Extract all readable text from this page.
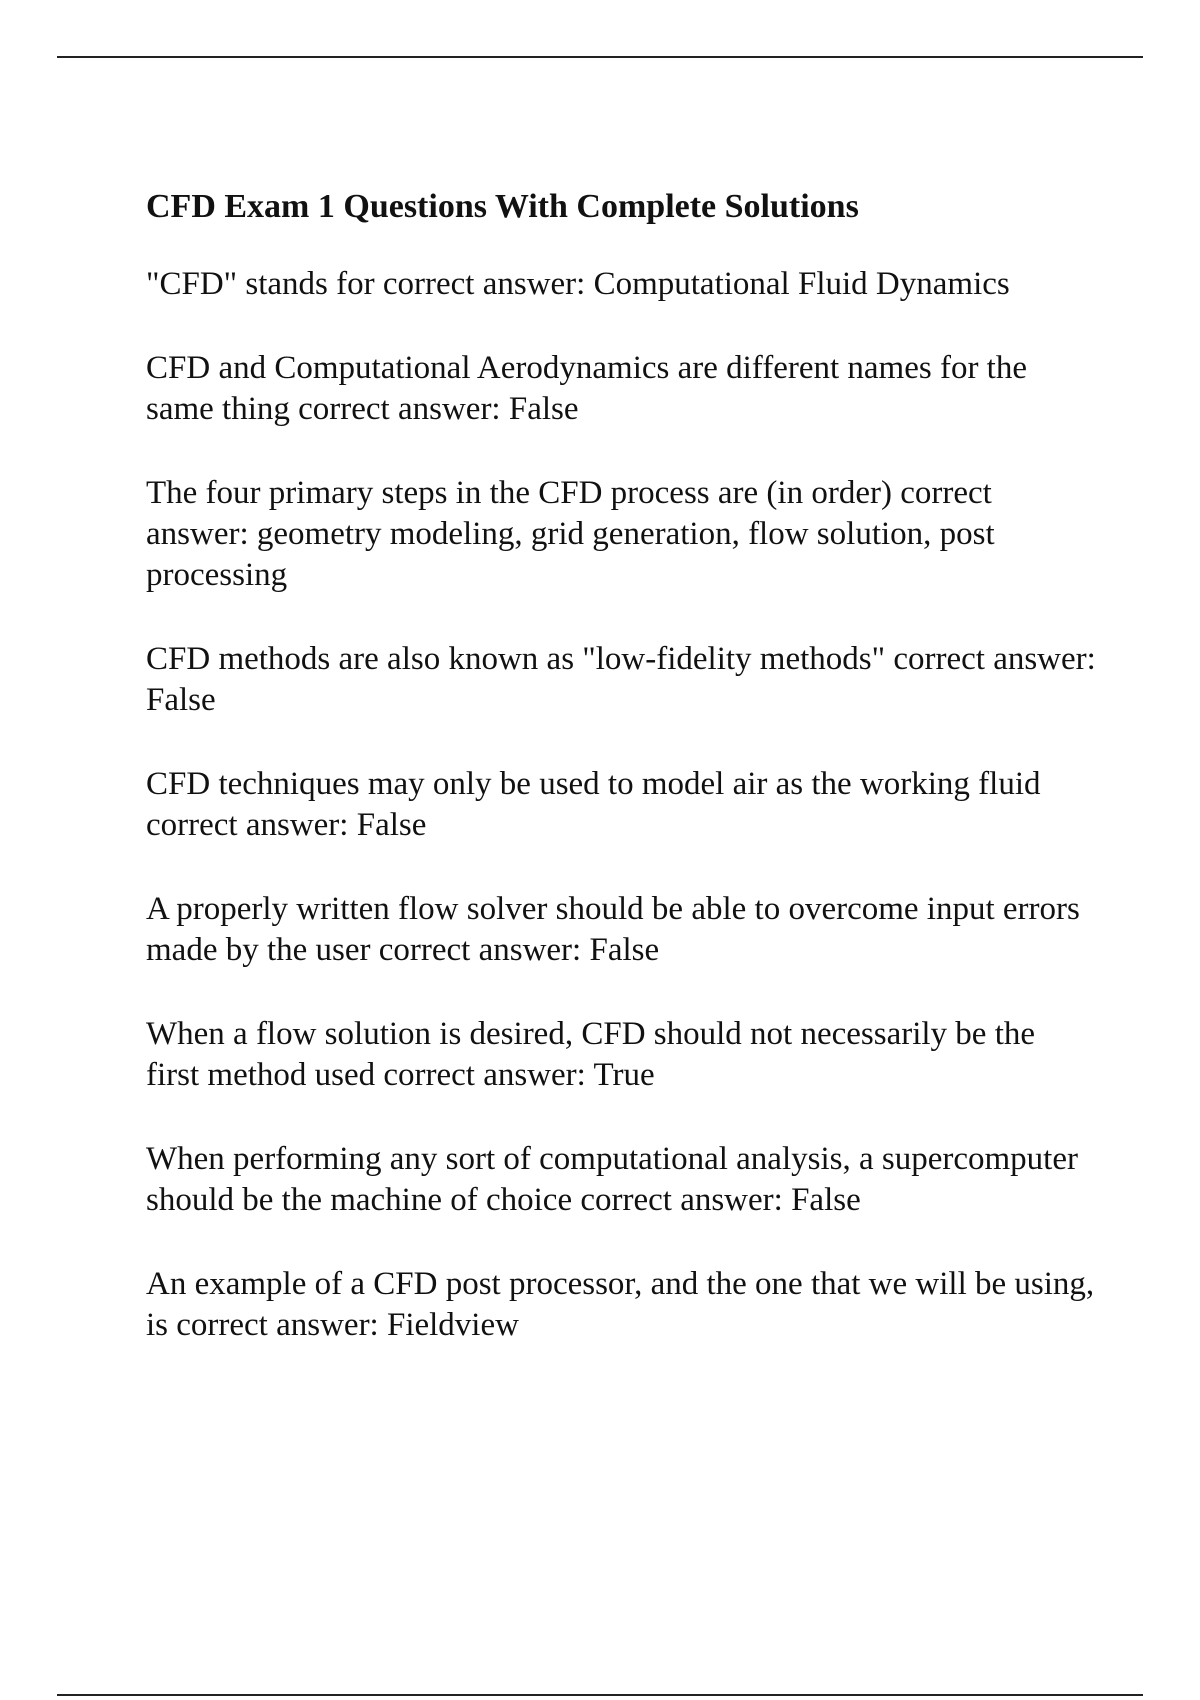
CFD Exam 1 Questions With Complete Solutions
"CFD" stands for correct answer: Computational Fluid Dynamics
CFD and Computational Aerodynamics are different names for the same thing correct answer: False
The four primary steps in the CFD process are (in order) correct answer: geometry modeling, grid generation, flow solution, post processing
CFD methods are also known as "low-fidelity methods" correct answer: False
CFD techniques may only be used to model air as the working fluid correct answer: False
A properly written flow solver should be able to overcome input errors made by the user correct answer: False
When a flow solution is desired, CFD should not necessarily be the first method used correct answer: True
When performing any sort of computational analysis, a supercomputer should be the machine of choice correct answer: False
An example of a CFD post processor, and the one that we will be using, is correct answer: Fieldview
